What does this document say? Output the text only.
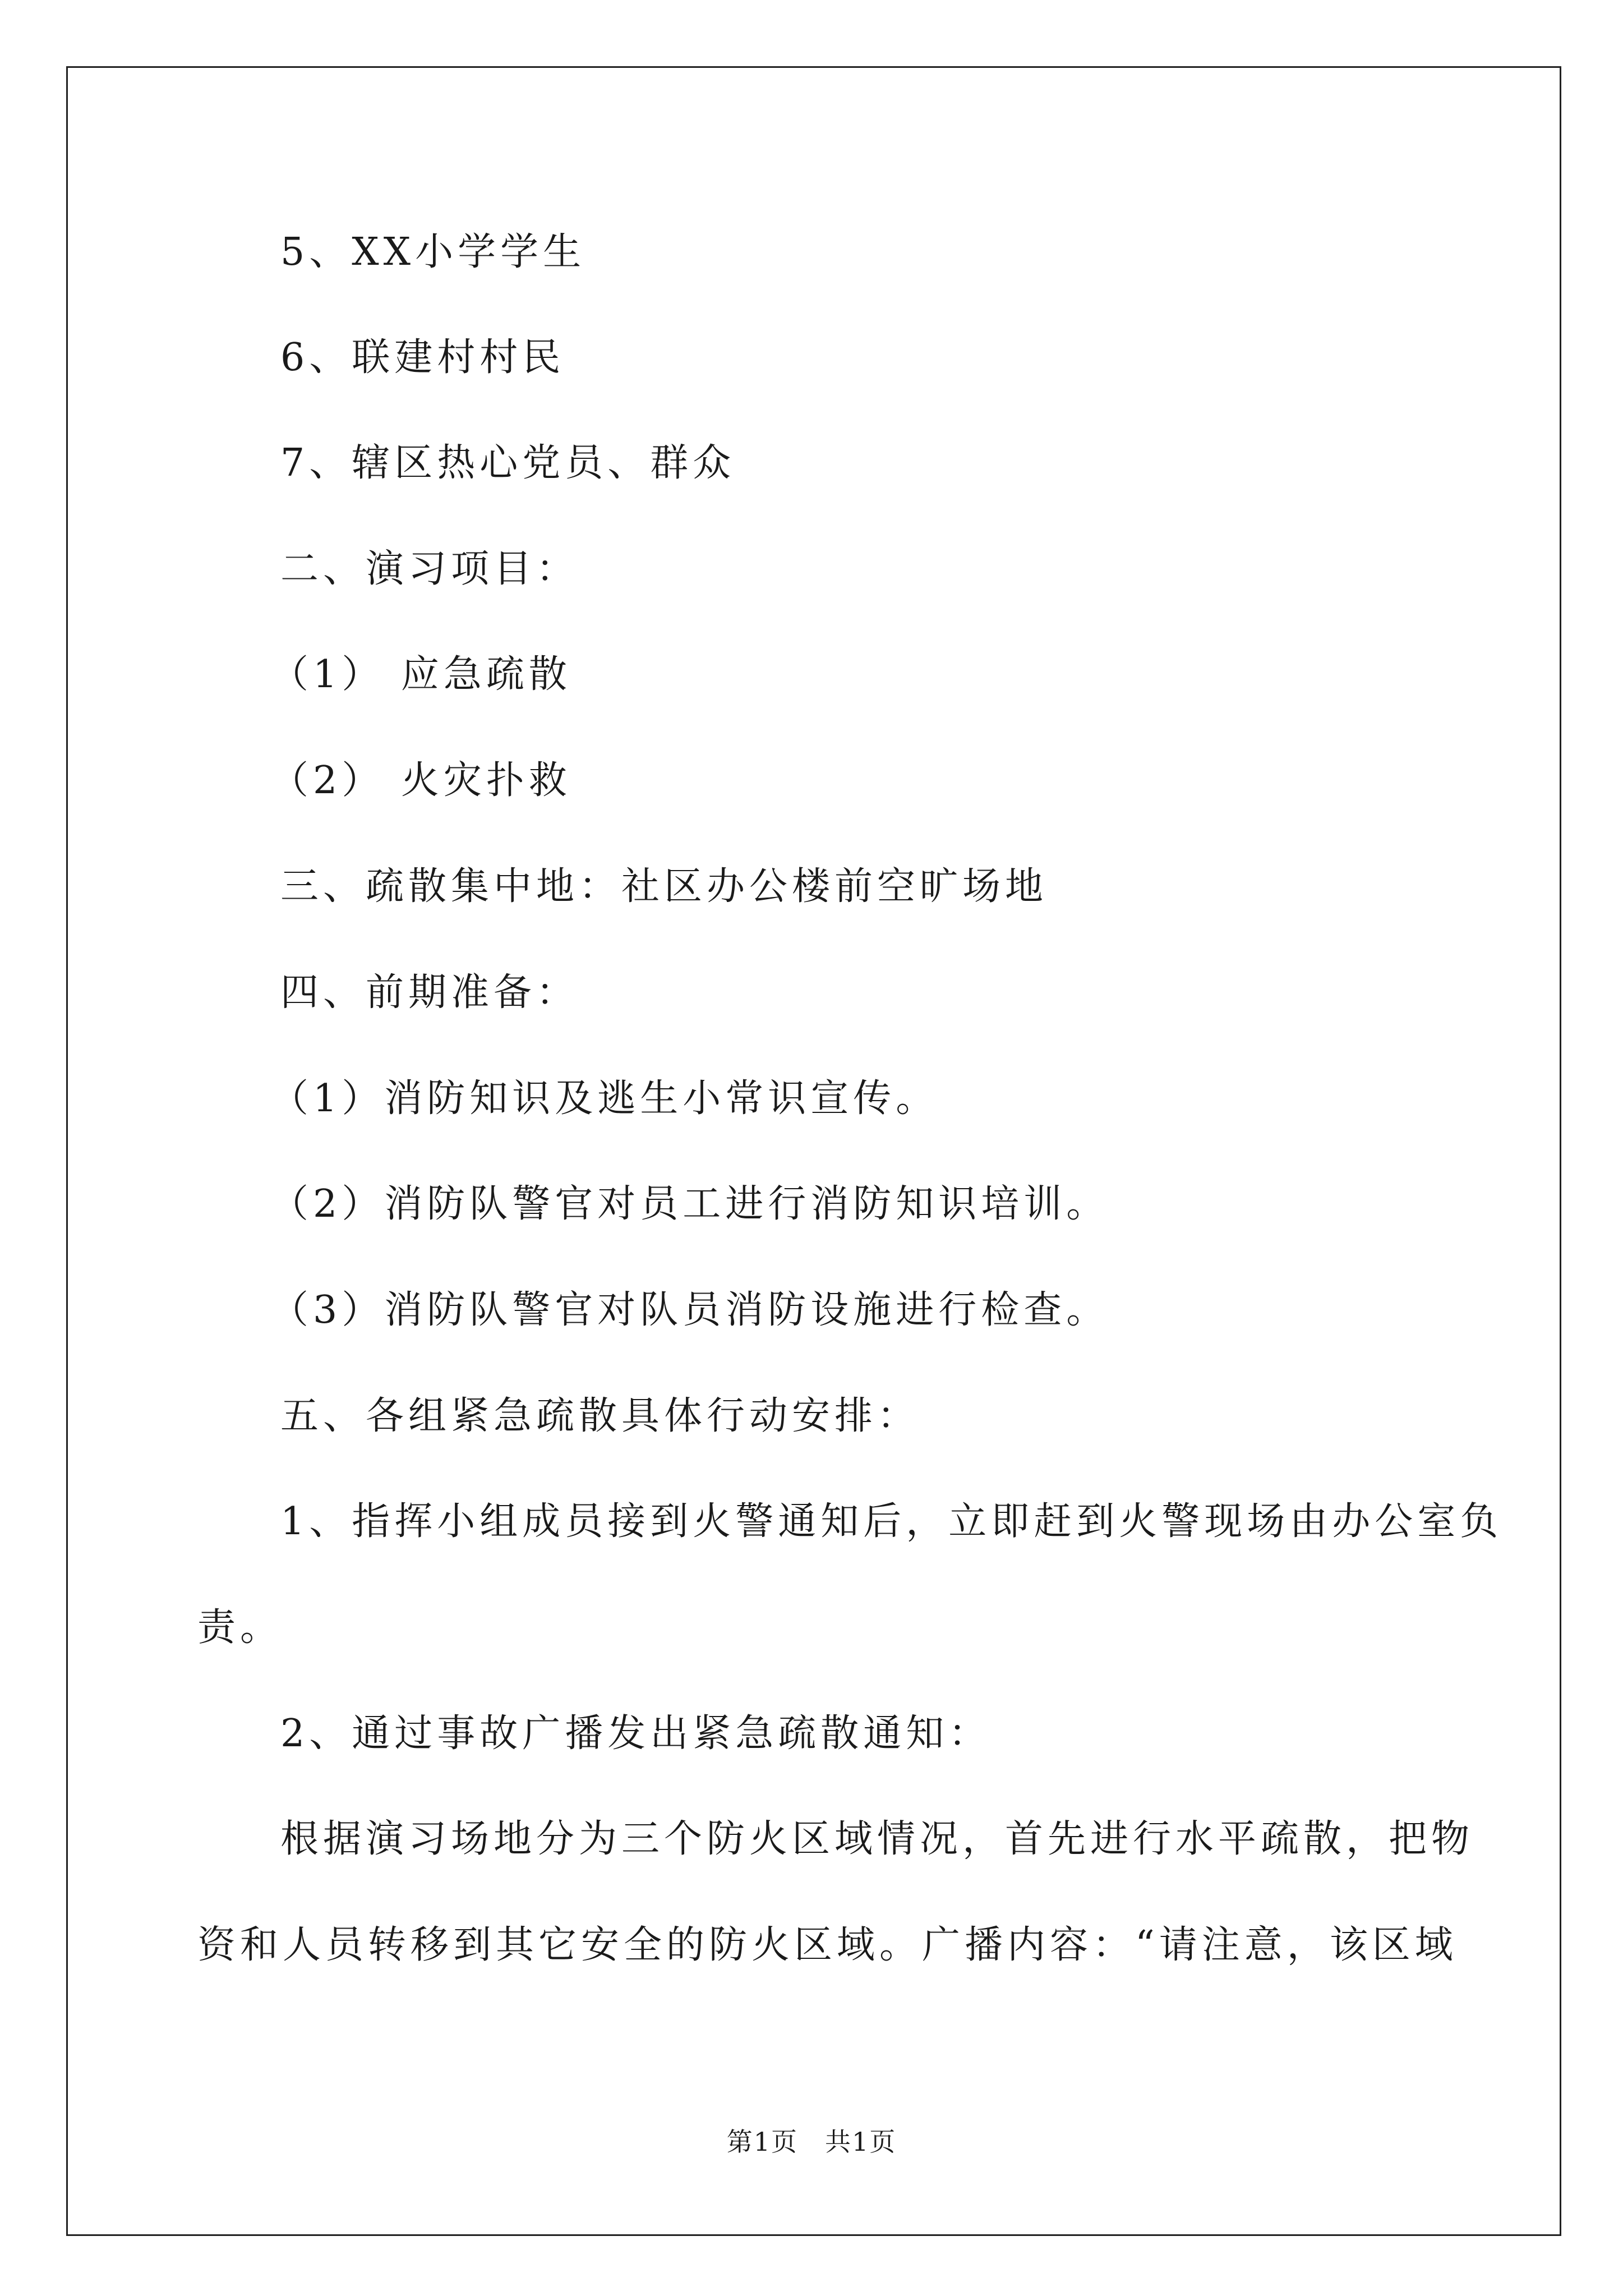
5、XX小学学生

6、联建村村民

7、辖区热心党员、群众

二、演习项目：

（1） 应急疏散

（2） 火灾扑救

三、疏散集中地：社区办公楼前空旷场地

四、前期准备：

（1）消防知识及逃生小常识宣传。

（2）消防队警官对员工进行消防知识培训。

（3）消防队警官对队员消防设施进行检查。

五、各组紧急疏散具体行动安排：

1、指挥小组成员接到火警通知后，立即赶到火警现场由办公室负

责。

2、通过事故广播发出紧急疏散通知：

根据演习场地分为三个防火区域情况，首先进行水平疏散，把物

资和人员转移到其它安全的防火区域。广播内容：“请注意，该区域

第1页　共1页
